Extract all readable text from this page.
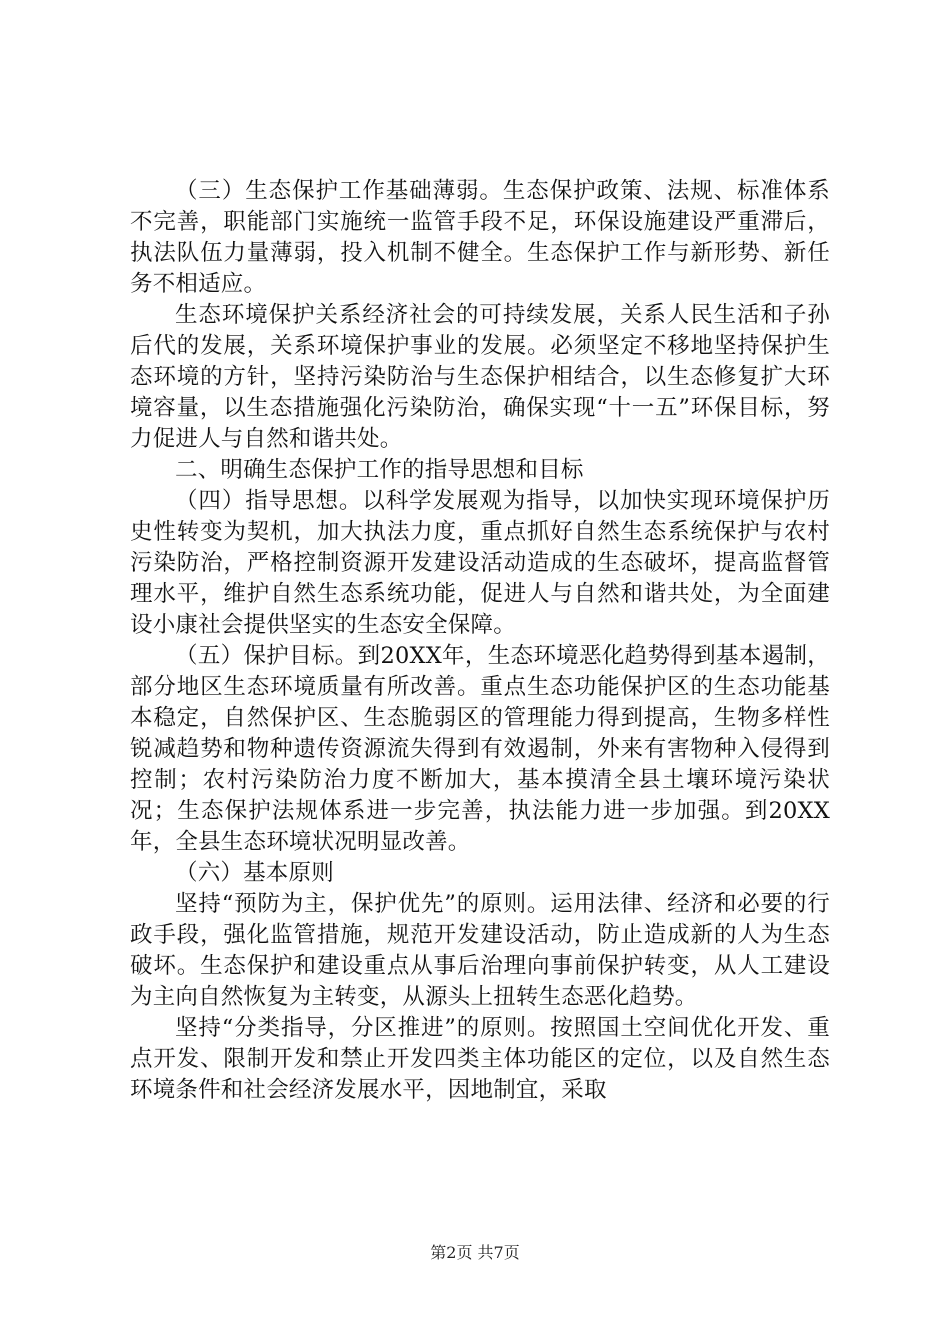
（三）生态保护工作基础薄弱。生态保护政策、法规、标准体系不完善，职能部门实施统一监管手段不足，环保设施建设严重滞后，执法队伍力量薄弱，投入机制不健全。生态保护工作与新形势、新任务不相适应。

生态环境保护关系经济社会的可持续发展，关系人民生活和子孙后代的发展，关系环境保护事业的发展。必须坚定不移地坚持保护生态环境的方针，坚持污染防治与生态保护相结合，以生态修复扩大环境容量，以生态措施强化污染防治，确保实现“十一五”环保目标，努力促进人与自然和谐共处。

二、明确生态保护工作的指导思想和目标

（四）指导思想。以科学发展观为指导，以加快实现环境保护历史性转变为契机，加大执法力度，重点抓好自然生态系统保护与农村污染防治，严格控制资源开发建设活动造成的生态破坏，提高监督管理水平，维护自然生态系统功能，促进人与自然和谐共处，为全面建设小康社会提供坚实的生态安全保障。

（五）保护目标。到20XX年，生态环境恶化趋势得到基本遏制，部分地区生态环境质量有所改善。重点生态功能保护区的生态功能基本稳定，自然保护区、生态脆弱区的管理能力得到提高，生物多样性锐减趋势和物种遗传资源流失得到有效遏制，外来有害物种入侵得到控制；农村污染防治力度不断加大，基本摸清全县土壤环境污染状况；生态保护法规体系进一步完善，执法能力进一步加强。到20XX年，全县生态环境状况明显改善。

（六）基本原则

坚持“预防为主，保护优先”的原则。运用法律、经济和必要的行政手段，强化监管措施，规范开发建设活动，防止造成新的人为生态破坏。生态保护和建设重点从事后治理向事前保护转变，从人工建设为主向自然恢复为主转变，从源头上扭转生态恶化趋势。

坚持“分类指导，分区推进”的原则。按照国土空间优化开发、重点开发、限制开发和禁止开发四类主体功能区的定位，以及自然生态环境条件和社会经济发展水平，因地制宜，采取

第2页 共7页
